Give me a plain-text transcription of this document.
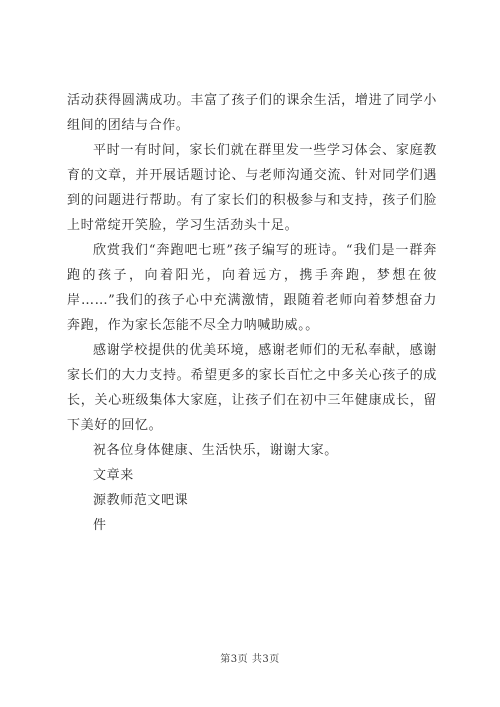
活动获得圆满成功。丰富了孩子们的课余生活，增进了同学小组间的团结与合作。

平时一有时间，家长们就在群里发一些学习体会、家庭教育的文章，并开展话题讨论、与老师沟通交流、针对同学们遇到的问题进行帮助。有了家长们的积极参与和支持，孩子们脸上时常绽开笑脸，学习生活劲头十足。

欣赏我们“奔跑吧七班”孩子编写的班诗。“我们是一群奔跑的孩子，向着阳光，向着远方，携手奔跑，梦想在彼岸……”我们的孩子心中充满激情，跟随着老师向着梦想奋力奔跑，作为家长怎能不尽全力呐喊助威。。

感谢学校提供的优美环境，感谢老师们的无私奉献，感谢家长们的大力支持。希望更多的家长百忙之中多关心孩子的成长，关心班级集体大家庭，让孩子们在初中三年健康成长，留下美好的回忆。

祝各位身体健康、生活快乐，谢谢大家。

文章来

源教师范文吧课

件

第3页 共3页
